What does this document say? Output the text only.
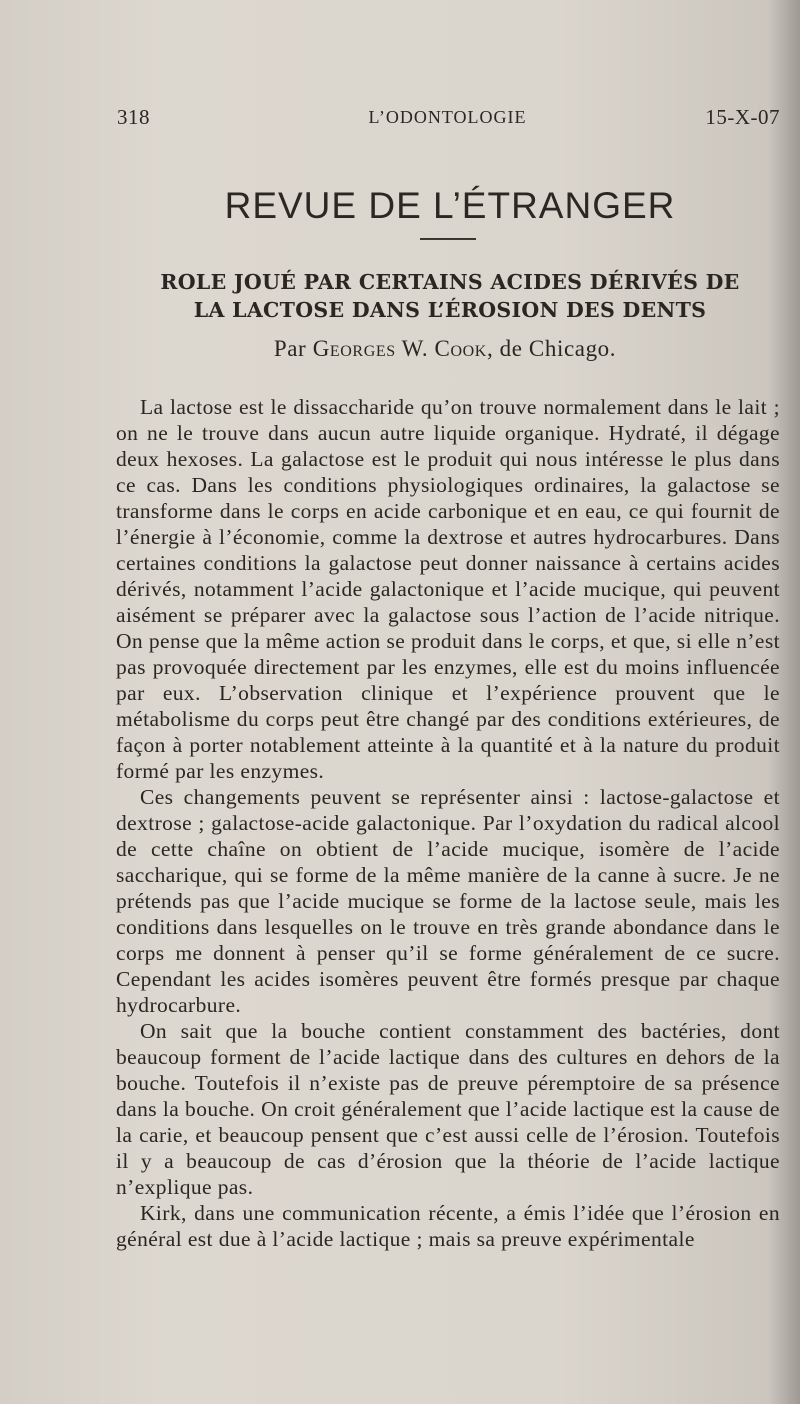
318	L’ODONTOLOGIE	15-X-07
REVUE DE L’ÉTRANGER
ROLE JOUÉ PAR CERTAINS ACIDES DÉRIVÉS DE
LA LACTOSE DANS L’ÉROSION DES DENTS
Par Georges W. Cook, de Chicago.

La lactose est le dissaccharide qu’on trouve normalement dans le lait ; on ne le trouve dans aucun autre liquide organique. Hydraté, il dégage deux hexoses. La galactose est le produit qui nous intéresse le plus dans ce cas. Dans les conditions physiologiques ordinaires, la galactose se transforme dans le corps en acide carbonique et en eau, ce qui fournit de l’énergie à l’économie, comme la dextrose et autres hydrocarbures. Dans certaines conditions la galactose peut donner naissance à certains acides dérivés, notamment l’acide galactonique et l’acide mucique, qui peuvent aisément se préparer avec la galactose sous l’action de l’acide nitrique. On pense que la même action se produit dans le corps, et que, si elle n’est pas provoquée directement par les enzymes, elle est du moins influencée par eux. L’observation clinique et l’expérience prouvent que le métabolisme du corps peut être changé par des conditions extérieures, de façon à porter notablement atteinte à la quantité et à la nature du produit formé par les enzymes.

Ces changements peuvent se représenter ainsi : lactose-galactose et dextrose ; galactose-acide galactonique. Par l’oxydation du radical alcool de cette chaîne on obtient de l’acide mucique, isomère de l’acide saccharique, qui se forme de la même manière de la canne à sucre. Je ne prétends pas que l’acide mucique se forme de la lactose seule, mais les conditions dans lesquelles on le trouve en très grande abondance dans le corps me donnent à penser qu’il se forme généralement de ce sucre. Cependant les acides isomères peuvent être formés presque par chaque hydrocarbure.

On sait que la bouche contient constamment des bactéries, dont beaucoup forment de l’acide lactique dans des cultures en dehors de la bouche. Toutefois il n’existe pas de preuve péremptoire de sa présence dans la bouche. On croit généralement que l’acide lactique est la cause de la carie, et beaucoup pensent que c’est aussi celle de l’érosion. Toutefois il y a beaucoup de cas d’érosion que la théorie de l’acide lactique n’explique pas.

Kirk, dans une communication récente, a émis l’idée que l’érosion en général est due à l’acide lactique ; mais sa preuve expérimentale
